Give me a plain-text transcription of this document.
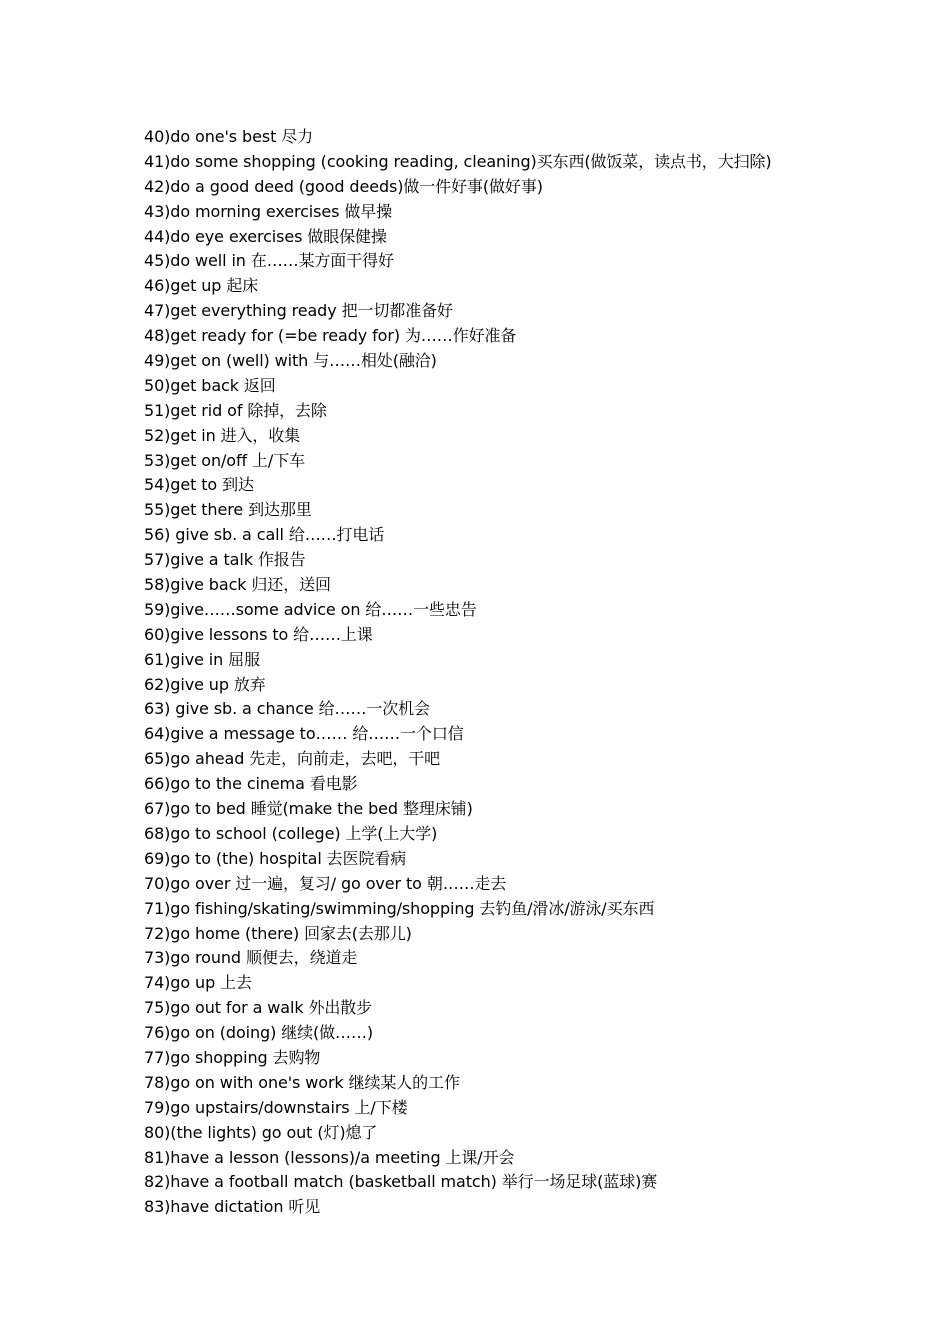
40)do one's best 尽力
41)do some shopping (cooking reading, cleaning)买东西(做饭菜，读点书，大扫除)
42)do a good deed (good deeds)做一件好事(做好事)
43)do morning exercises 做早操
44)do eye exercises 做眼保健操
45)do well in 在……某方面干得好
46)get up 起床
47)get everything ready 把一切都准备好
48)get ready for (=be ready for) 为……作好准备
49)get on (well) with 与……相处(融洽)
50)get back 返回
51)get rid of 除掉，去除
52)get in 进入，收集
53)get on/off 上/下车
54)get to 到达
55)get there 到达那里
56) give sb. a call 给……打电话
57)give a talk 作报告
58)give back 归还，送回
59)give……some advice on 给……一些忠告
60)give lessons to 给……上课
61)give in 屈服
62)give up 放弃
63) give sb. a chance 给……一次机会
64)give a message to…… 给……一个口信
65)go ahead 先走，向前走，去吧，干吧
66)go to the cinema 看电影
67)go to bed 睡觉(make the bed 整理床铺)
68)go to school (college) 上学(上大学)
69)go to (the) hospital 去医院看病
70)go over 过一遍，复习/ go over to 朝……走去
71)go fishing/skating/swimming/shopping 去钓鱼/滑冰/游泳/买东西
72)go home (there) 回家去(去那儿)
73)go round 顺便去，绕道走
74)go up 上去
75)go out for a walk 外出散步
76)go on (doing) 继续(做……)
77)go shopping 去购物
78)go on with one's work 继续某人的工作
79)go upstairs/downstairs 上/下楼
80)(the lights) go out (灯)熄了
81)have a lesson (lessons)/a meeting 上课/开会
82)have a football match (basketball match) 举行一场足球(蓝球)赛
83)have dictation 听见
